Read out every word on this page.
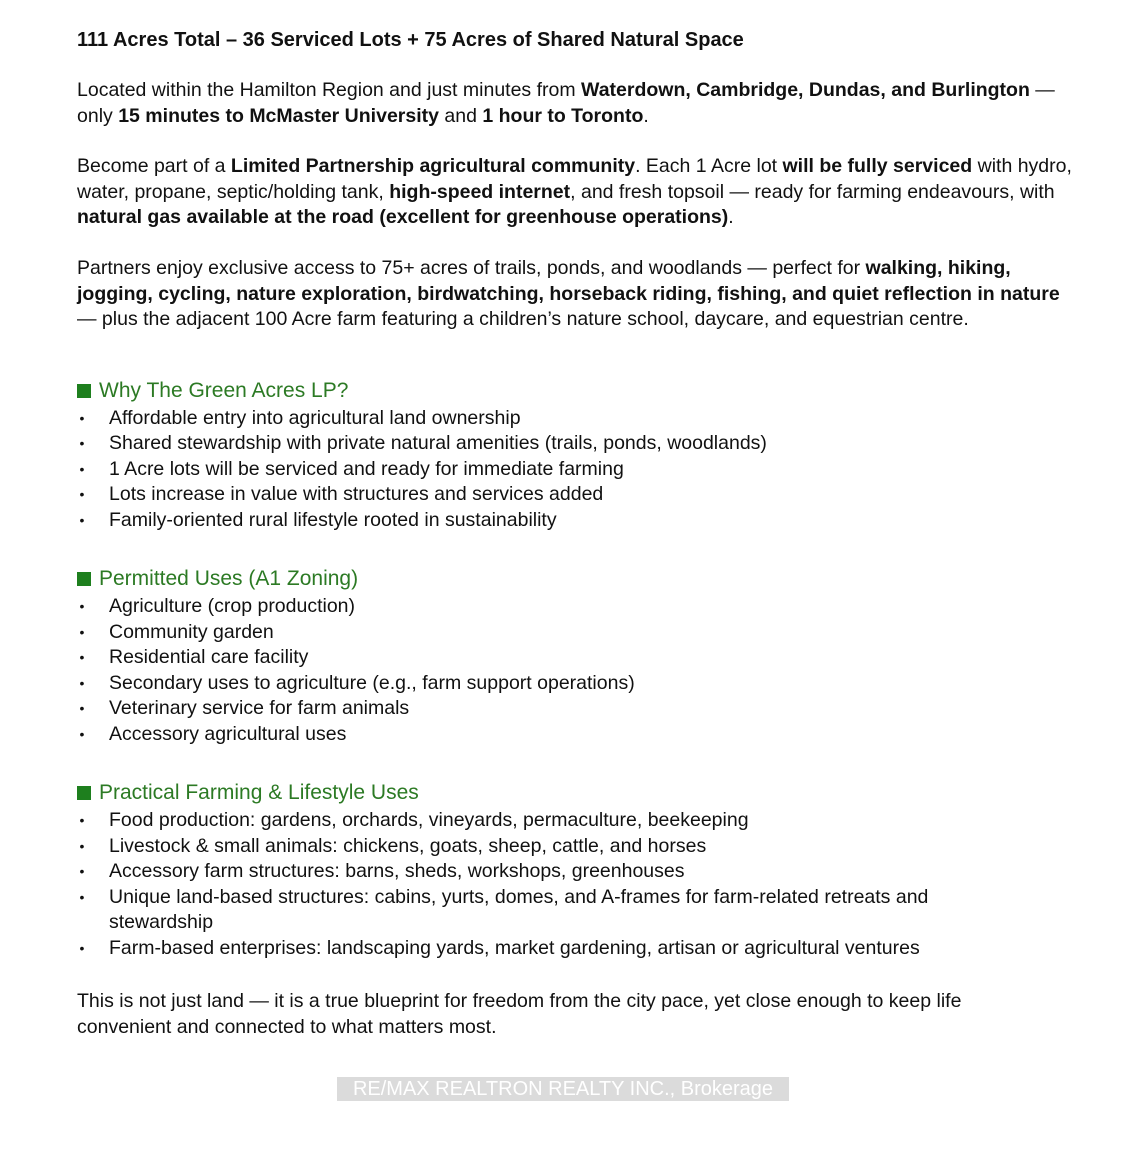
111 Acres Total – 36 Serviced Lots + 75 Acres of Shared Natural Space

Located within the Hamilton Region and just minutes from Waterdown, Cambridge, Dundas, and Burlington — only 15 minutes to McMaster University and 1 hour to Toronto.

Become part of a Limited Partnership agricultural community. Each 1 Acre lot will be fully serviced with hydro, water, propane, septic/holding tank, high-speed internet, and fresh topsoil — ready for farming endeavours, with natural gas available at the road (excellent for greenhouse operations).

Partners enjoy exclusive access to 75+ acres of trails, ponds, and woodlands — perfect for walking, hiking, jogging, cycling, nature exploration, birdwatching, horseback riding, fishing, and quiet reflection in nature — plus the adjacent 100 Acre farm featuring a children’s nature school, daycare, and equestrian centre.

Why The Green Acres LP?
• Affordable entry into agricultural land ownership
• Shared stewardship with private natural amenities (trails, ponds, woodlands)
• 1 Acre lots will be serviced and ready for immediate farming
• Lots increase in value with structures and services added
• Family-oriented rural lifestyle rooted in sustainability
Permitted Uses (A1 Zoning)
• Agriculture (crop production)
• Community garden
• Residential care facility
• Secondary uses to agriculture (e.g., farm support operations)
• Veterinary service for farm animals
• Accessory agricultural uses
Practical Farming & Lifestyle Uses
• Food production: gardens, orchards, vineyards, permaculture, beekeeping
• Livestock & small animals: chickens, goats, sheep, cattle, and horses
• Accessory farm structures: barns, sheds, workshops, greenhouses
• Unique land-based structures: cabins, yurts, domes, and A-frames for farm-related retreats and stewardship
• Farm-based enterprises: landscaping yards, market gardening, artisan or agricultural ventures

This is not just land — it is a true blueprint for freedom from the city pace, yet close enough to keep life convenient and connected to what matters most.

RE/MAX REALTRON REALTY INC., Brokerage
